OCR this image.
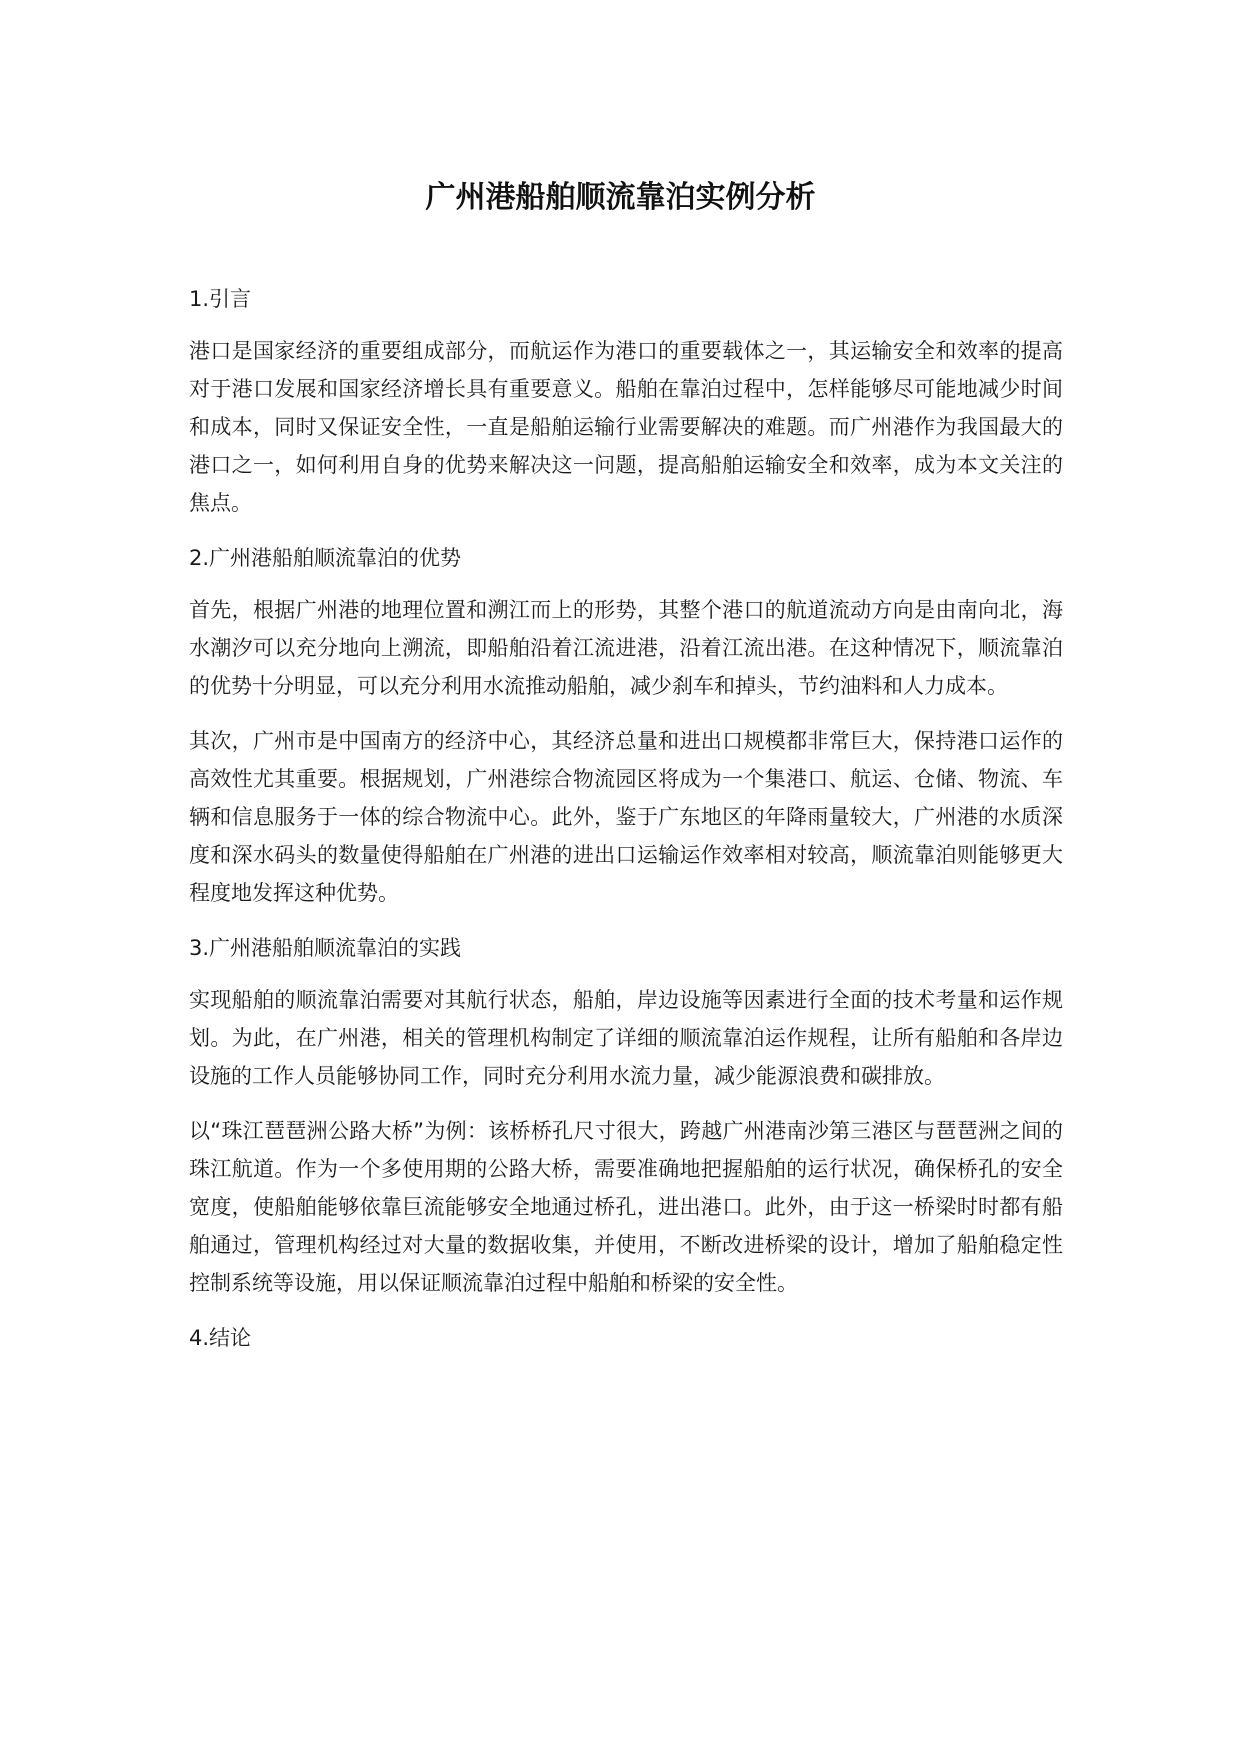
广州港船舶顺流靠泊实例分析
1.引言

港口是国家经济的重要组成部分，而航运作为港口的重要载体之一，其运输安全和效率的提高对于港口发展和国家经济增长具有重要意义。船舶在靠泊过程中，怎样能够尽可能地减少时间和成本，同时又保证安全性，一直是船舶运输行业需要解决的难题。而广州港作为我国最大的港口之一，如何利用自身的优势来解决这一问题，提高船舶运输安全和效率，成为本文关注的焦点。

2.广州港船舶顺流靠泊的优势

首先，根据广州港的地理位置和溯江而上的形势，其整个港口的航道流动方向是由南向北，海水潮汐可以充分地向上溯流，即船舶沿着江流进港，沿着江流出港。在这种情况下，顺流靠泊的优势十分明显，可以充分利用水流推动船舶，减少刹车和掉头，节约油料和人力成本。

其次，广州市是中国南方的经济中心，其经济总量和进出口规模都非常巨大，保持港口运作的高效性尤其重要。根据规划，广州港综合物流园区将成为一个集港口、航运、仓储、物流、车辆和信息服务于一体的综合物流中心。此外，鉴于广东地区的年降雨量较大，广州港的水质深度和深水码头的数量使得船舶在广州港的进出口运输运作效率相对较高，顺流靠泊则能够更大程度地发挥这种优势。

3.广州港船舶顺流靠泊的实践

实现船舶的顺流靠泊需要对其航行状态，船舶，岸边设施等因素进行全面的技术考量和运作规划。为此，在广州港，相关的管理机构制定了详细的顺流靠泊运作规程，让所有船舶和各岸边设施的工作人员能够协同工作，同时充分利用水流力量，减少能源浪费和碳排放。

以“珠江琶琶洲公路大桥”为例：该桥桥孔尺寸很大，跨越广州港南沙第三港区与琶琶洲之间的珠江航道。作为一个多使用期的公路大桥，需要准确地把握船舶的运行状况，确保桥孔的安全宽度，使船舶能够依靠巨流能够安全地通过桥孔，进出港口。此外，由于这一桥梁时时都有船舶通过，管理机构经过对大量的数据收集，并使用，不断改进桥梁的设计，增加了船舶稳定性控制系统等设施，用以保证顺流靠泊过程中船舶和桥梁的安全性。

4.结论
